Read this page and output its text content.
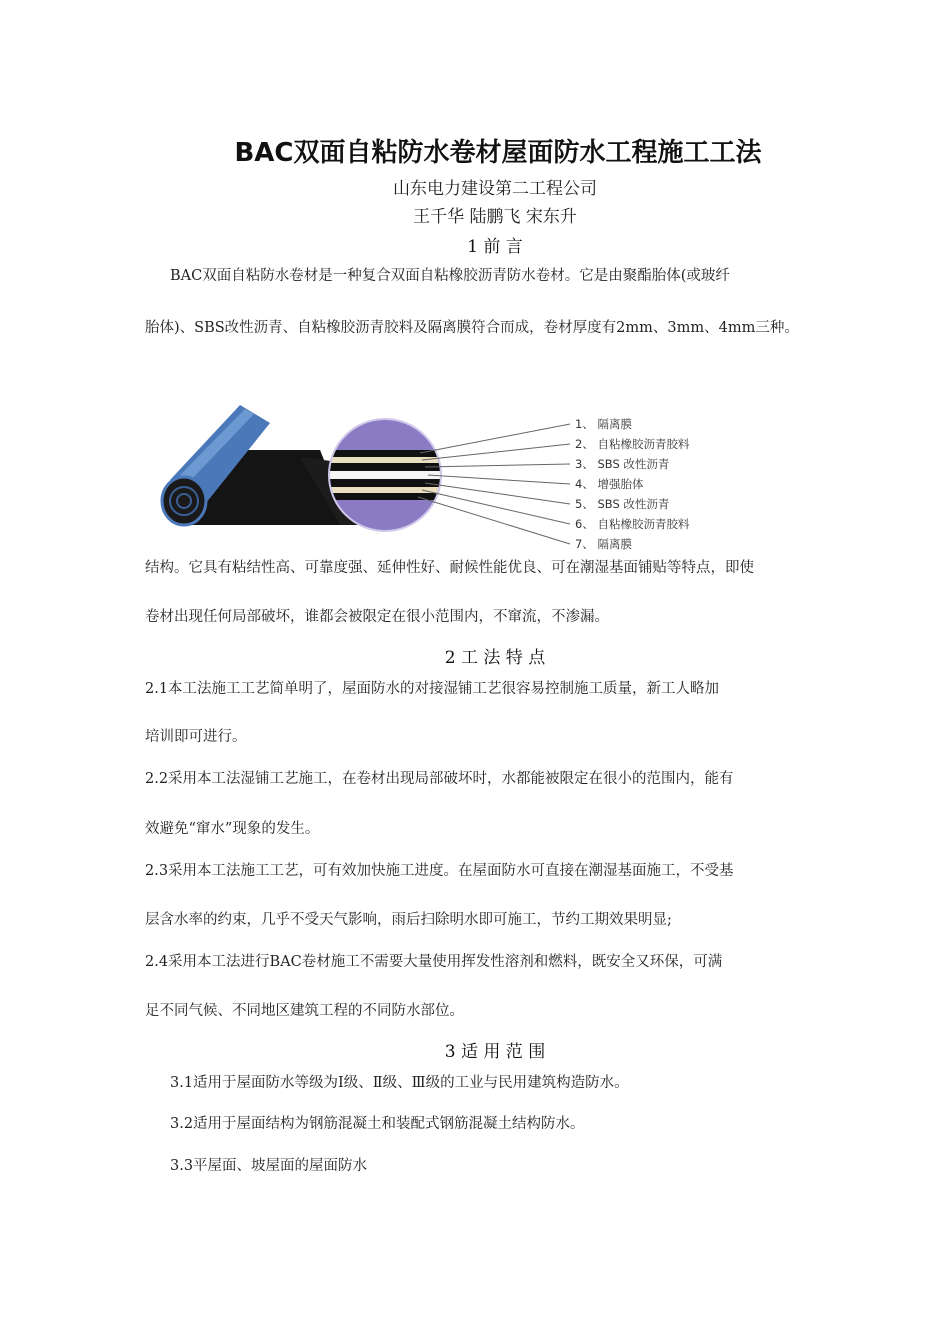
BAC双面自粘防水卷材屋面防水工程施工工法
山东电力建设第二工程公司
王千华 陆鹏飞 宋东升
1 前 言
BAC双面自粘防水卷材是一种复合双面自粘橡胶沥青防水卷材。它是由聚酯胎体(或玻纤
胎体)、SBS改性沥青、自粘橡胶沥青胶料及隔离膜符合而成，卷材厚度有2mm、3mm、4mm三种。
1、 隔离膜
2、 自粘橡胶沥青胶料
3、 SBS 改性沥青
4、 增强胎体
5、 SBS 改性沥青
6、 自粘橡胶沥青胶料
7、 隔离膜
结构。它具有粘结性高、可靠度强、延伸性好、耐候性能优良、可在潮湿基面铺贴等特点，即使
卷材出现任何局部破坏，谁都会被限定在很小范围内，不窜流，不渗漏。
2 工 法 特 点
2.1本工法施工工艺简单明了，屋面防水的对接湿铺工艺很容易控制施工质量，新工人略加
培训即可进行。
2.2采用本工法湿铺工艺施工，在卷材出现局部破坏时，水都能被限定在很小的范围内，能有
效避免“窜水”现象的发生。
2.3采用本工法施工工艺，可有效加快施工进度。在屋面防水可直接在潮湿基面施工，不受基
层含水率的约束，几乎不受天气影响，雨后扫除明水即可施工，节约工期效果明显;
2.4采用本工法进行BAC卷材施工不需要大量使用挥发性溶剂和燃料，既安全又环保，可满
足不同气候、不同地区建筑工程的不同防水部位。
3 适 用 范 围
3.1适用于屋面防水等级为Ⅰ级、Ⅱ级、Ⅲ级的工业与民用建筑构造防水。
3.2适用于屋面结构为钢筋混凝土和装配式钢筋混凝土结构防水。
3.3平屋面、坡屋面的屋面防水
